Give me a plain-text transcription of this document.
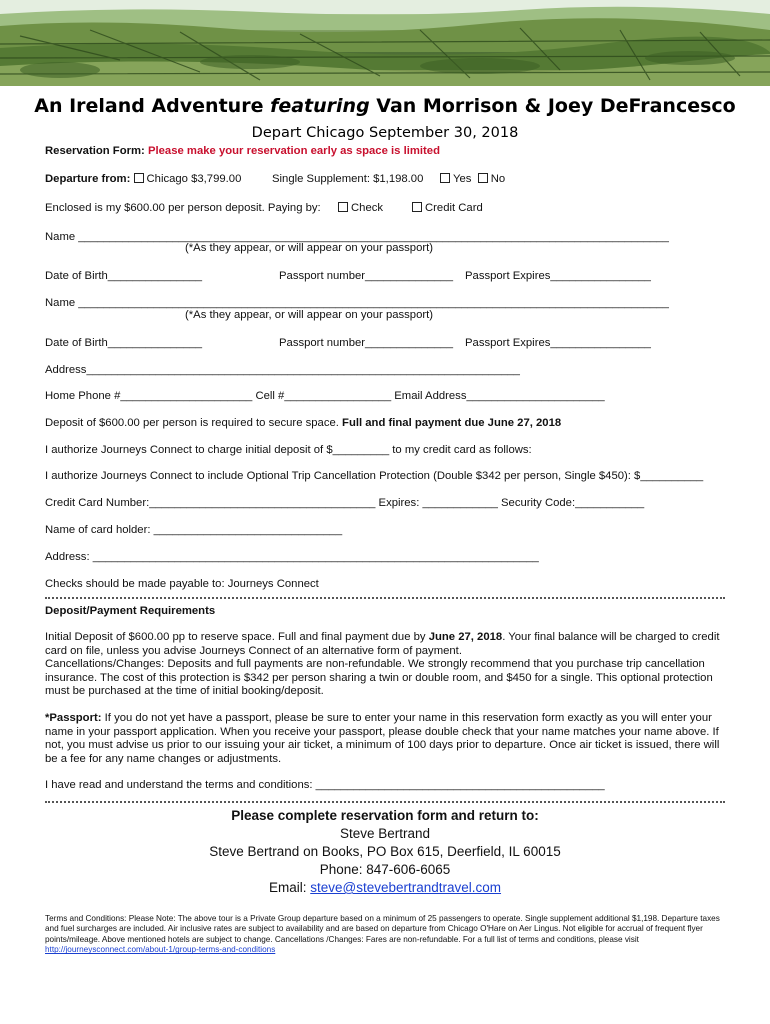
An Ireland Adventure featuring Van Morrison & Joey DeFrancesco
Depart Chicago September 30, 2018
Reservation Form: Please make your reservation early as space is limited
Departure from: Chicago $3,799.00	Single Supplement: $1,198.00	Yes No
Enclosed is my $600.00 per person deposit. Paying by:	Check	Credit Card
Name ______________________________________________________________________________________________
(*As they appear, or will appear on your passport)
Date of Birth_______________	Passport number______________ Passport Expires________________
Name ______________________________________________________________________________________________
(*As they appear, or will appear on your passport)
Date of Birth_______________	Passport number______________ Passport Expires________________
Address_____________________________________________________________________
Home Phone #_____________________ Cell #_________________ Email Address______________________
Deposit of $600.00 per person is required to secure space. Full and final payment due June 27, 2018
I authorize Journeys Connect to charge initial deposit of $_________ to my credit card as follows:
I authorize Journeys Connect to include Optional Trip Cancellation Protection (Double $342 per person, Single $450): $__________
Credit Card Number:____________________________________ Expires: ____________ Security Code:___________
Name of card holder: ______________________________
Address: _______________________________________________________________________
Checks should be made payable to: Journeys Connect
Deposit/Payment Requirements
Initial Deposit of $600.00 pp to reserve space. Full and final payment due by June 27, 2018. Your final balance will be charged to credit card on file, unless you advise Journeys Connect of an alternative form of payment.
Cancellations/Changes: Deposits and full payments are non-refundable. We strongly recommend that you purchase trip cancellation insurance. The cost of this protection is $342 per person sharing a twin or double room, and $450 for a single. This optional protection must be purchased at the time of initial booking/deposit.
*Passport: If you do not yet have a passport, please be sure to enter your name in this reservation form exactly as you will enter your name in your passport application. When you receive your passport, please double check that your name matches your name above. If not, you must advise us prior to our issuing your air ticket, a minimum of 100 days prior to departure. Once air ticket is issued, there will be a fee for any name changes or adjustments.
I have read and understand the terms and conditions: ______________________________________________
Please complete reservation form and return to:
Steve Bertrand
Steve Bertrand on Books, PO Box 615, Deerfield, IL 60015
Phone: 847-606-6065
Email: steve@stevebertrandtravel.com
Terms and Conditions: Please Note: The above tour is a Private Group departure based on a minimum of 25 passengers to operate. Single supplement additional $1,198. Departure taxes and fuel surcharges are included. Air inclusive rates are subject to availability and are based on departure from Chicago O'Hare on Aer Lingus. Not eligible for accrual of frequent flyer points/mileage. Above mentioned hotels are subject to change. Cancellations /Changes: Fares are non-refundable. For a full list of terms and conditions, please visit http://journeysconnect.com/about-1/group-terms-and-conditions
